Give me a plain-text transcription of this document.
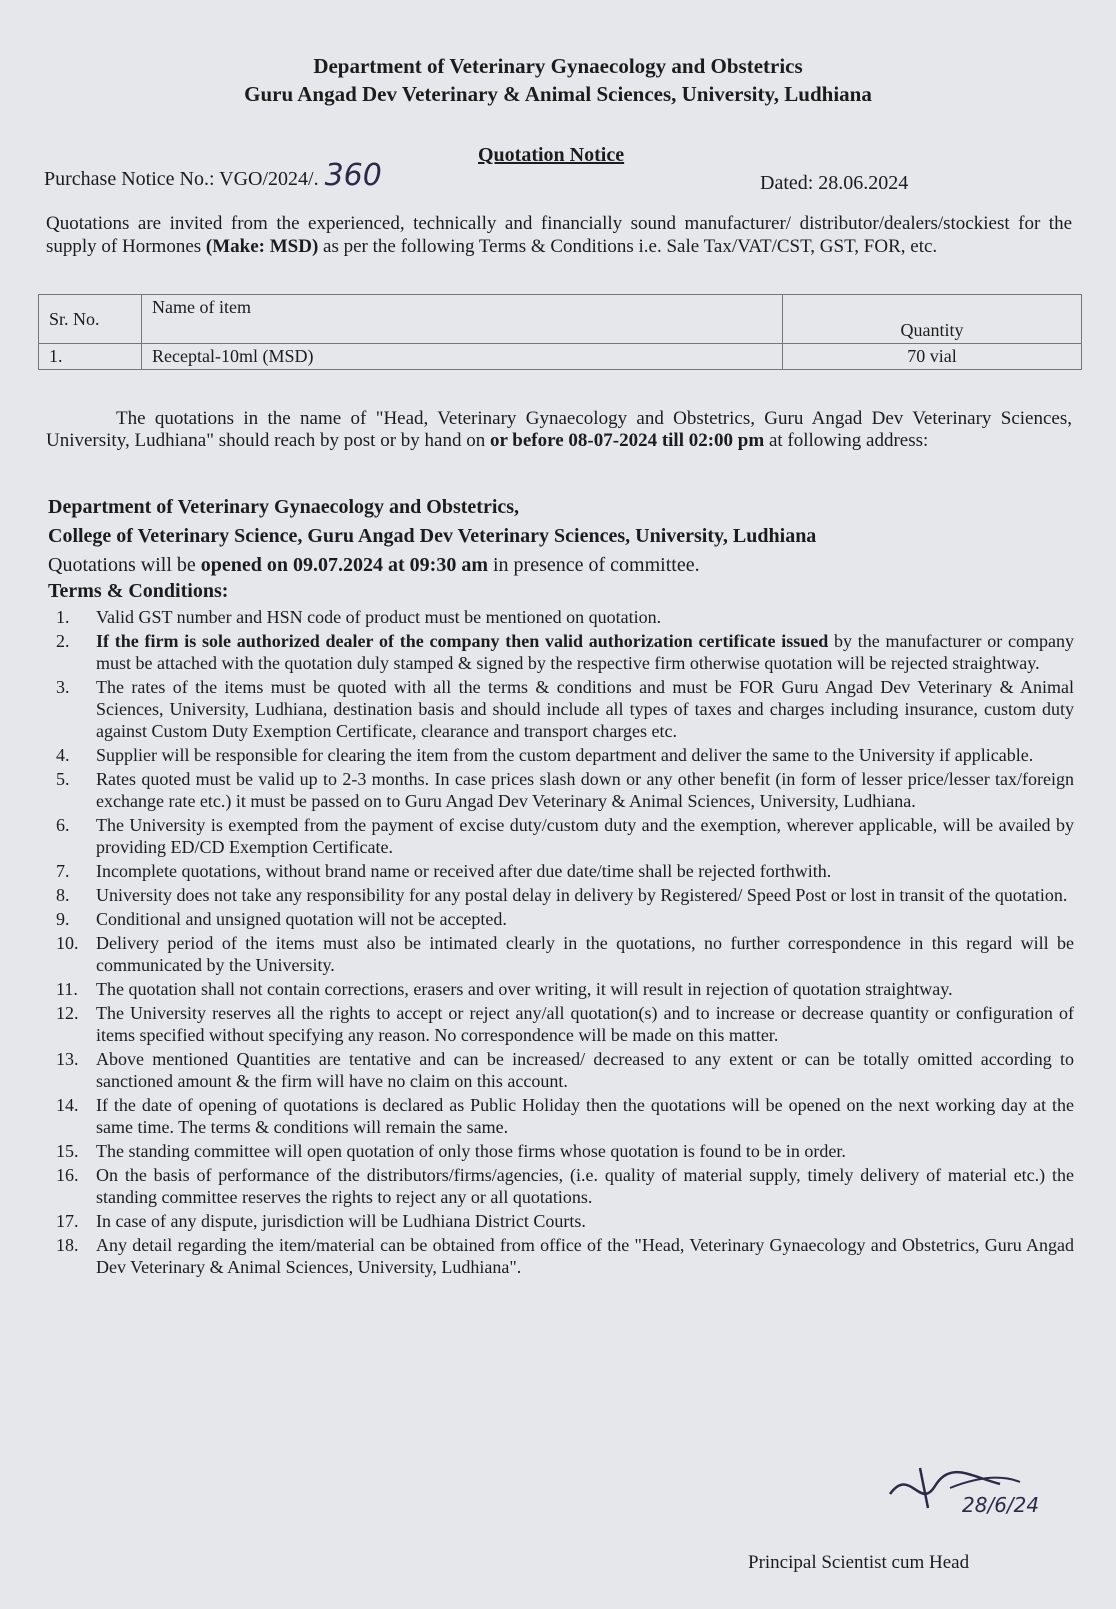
Department of Veterinary Gynaecology and Obstetrics
Guru Angad Dev Veterinary & Animal Sciences, University, Ludhiana
Quotation Notice
Purchase Notice No.: VGO/2024/. 360	Dated: 28.06.2024
Quotations are invited from the experienced, technically and financially sound manufacturer/ distributor/dealers/stockiest for the supply of Hormones (Make: MSD) as per the following Terms & Conditions i.e. Sale Tax/VAT/CST, GST, FOR, etc.
Sr. No.	Name of item	Quantity
1.	Receptal-10ml (MSD)	70 vial
The quotations in the name of "Head, Veterinary Gynaecology and Obstetrics, Guru Angad Dev Veterinary Sciences, University, Ludhiana" should reach by post or by hand on or before 08-07-2024 till 02:00 pm at following address:
Department of Veterinary Gynaecology and Obstetrics,
College of Veterinary Science, Guru Angad Dev Veterinary Sciences, University, Ludhiana
Quotations will be opened on 09.07.2024 at 09:30 am in presence of committee.
Terms & Conditions:
1. Valid GST number and HSN code of product must be mentioned on quotation.
2. If the firm is sole authorized dealer of the company then valid authorization certificate issued by the manufacturer or company must be attached with the quotation duly stamped & signed by the respective firm otherwise quotation will be rejected straightway.
3. The rates of the items must be quoted with all the terms & conditions and must be FOR Guru Angad Dev Veterinary & Animal Sciences, University, Ludhiana, destination basis and should include all types of taxes and charges including insurance, custom duty against Custom Duty Exemption Certificate, clearance and transport charges etc.
4. Supplier will be responsible for clearing the item from the custom department and deliver the same to the University if applicable.
5. Rates quoted must be valid up to 2-3 months. In case prices slash down or any other benefit (in form of lesser price/lesser tax/foreign exchange rate etc.) it must be passed on to Guru Angad Dev Veterinary & Animal Sciences, University, Ludhiana.
6. The University is exempted from the payment of excise duty/custom duty and the exemption, wherever applicable, will be availed by providing ED/CD Exemption Certificate.
7. Incomplete quotations, without brand name or received after due date/time shall be rejected forthwith.
8. University does not take any responsibility for any postal delay in delivery by Registered/ Speed Post or lost in transit of the quotation.
9. Conditional and unsigned quotation will not be accepted.
10. Delivery period of the items must also be intimated clearly in the quotations, no further correspondence in this regard will be communicated by the University.
11. The quotation shall not contain corrections, erasers and over writing, it will result in rejection of quotation straightway.
12. The University reserves all the rights to accept or reject any/all quotation(s) and to increase or decrease quantity or configuration of items specified without specifying any reason. No correspondence will be made on this matter.
13. Above mentioned Quantities are tentative and can be increased/ decreased to any extent or can be totally omitted according to sanctioned amount & the firm will have no claim on this account.
14. If the date of opening of quotations is declared as Public Holiday then the quotations will be opened on the next working day at the same time. The terms & conditions will remain the same.
15. The standing committee will open quotation of only those firms whose quotation is found to be in order.
16. On the basis of performance of the distributors/firms/agencies, (i.e. quality of material supply, timely delivery of material etc.) the standing committee reserves the rights to reject any or all quotations.
17. In case of any dispute, jurisdiction will be Ludhiana District Courts.
18. Any detail regarding the item/material can be obtained from office of the "Head, Veterinary Gynaecology and Obstetrics, Guru Angad Dev Veterinary & Animal Sciences, University, Ludhiana".
28/6/24
Principal Scientist cum Head
